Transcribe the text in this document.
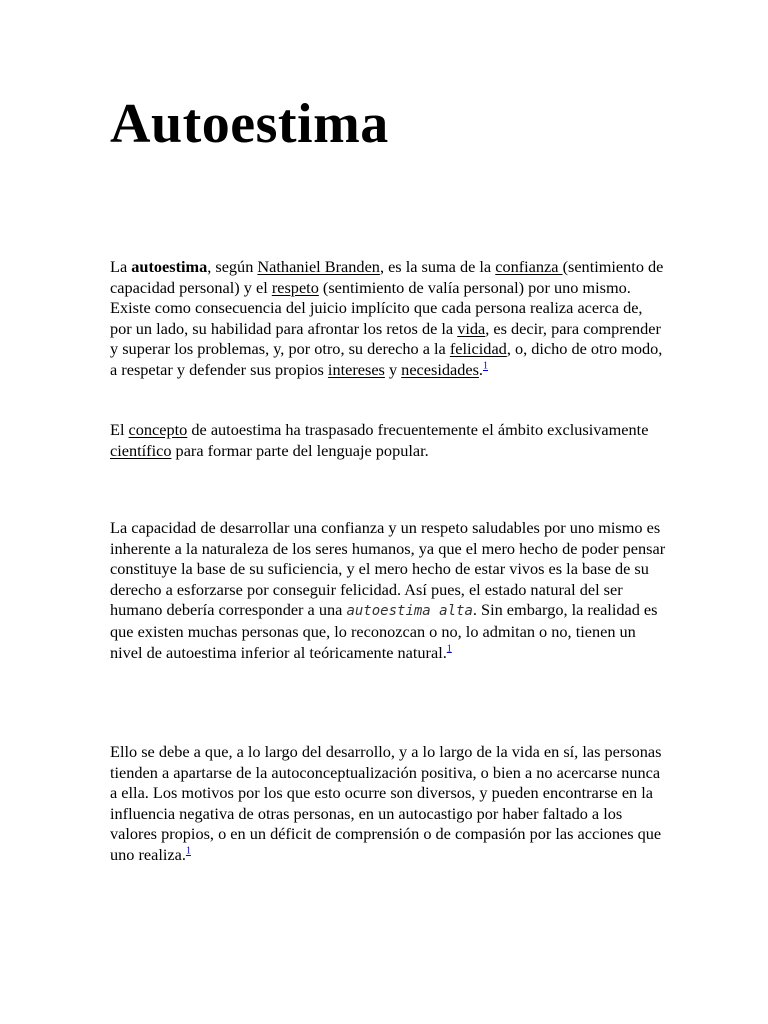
Autoestima

La autoestima, según Nathaniel Branden, es la suma de la confianza (sentimiento de capacidad personal) y el respeto (sentimiento de valía personal) por uno mismo. Existe como consecuencia del juicio implícito que cada persona realiza acerca de, por un lado, su habilidad para afrontar los retos de la vida, es decir, para comprender y superar los problemas, y, por otro, su derecho a la felicidad, o, dicho de otro modo, a respetar y defender sus propios intereses y necesidades.$^1$

El concepto de autoestima ha traspasado frecuentemente el ámbito exclusivamente científico para formar parte del lenguaje popular.

La capacidad de desarrollar una confianza y un respeto saludables por uno mismo es inherente a la naturaleza de los seres humanos, ya que el mero hecho de poder pensar constituye la base de su suficiencia, y el mero hecho de estar vivos es la base de su derecho a esforzarse por conseguir felicidad. Así pues, el estado natural del ser humano debería corresponder a una autoestima alta. Sin embargo, la realidad es que existen muchas personas que, lo reconozcan o no, lo admitan o no, tienen un nivel de autoestima inferior al teóricamente natural.$^1$

Ello se debe a que, a lo largo del desarrollo, y a lo largo de la vida en sí, las personas tienden a apartarse de la autoconceptualización positiva, o bien a no acercarse nunca a ella. Los motivos por los que esto ocurre son diversos, y pueden encontrarse en la influencia negativa de otras personas, en un autocastigo por haber faltado a los valores propios, o en un déficit de comprensión o de compasión por las acciones que uno realiza.$^1$
